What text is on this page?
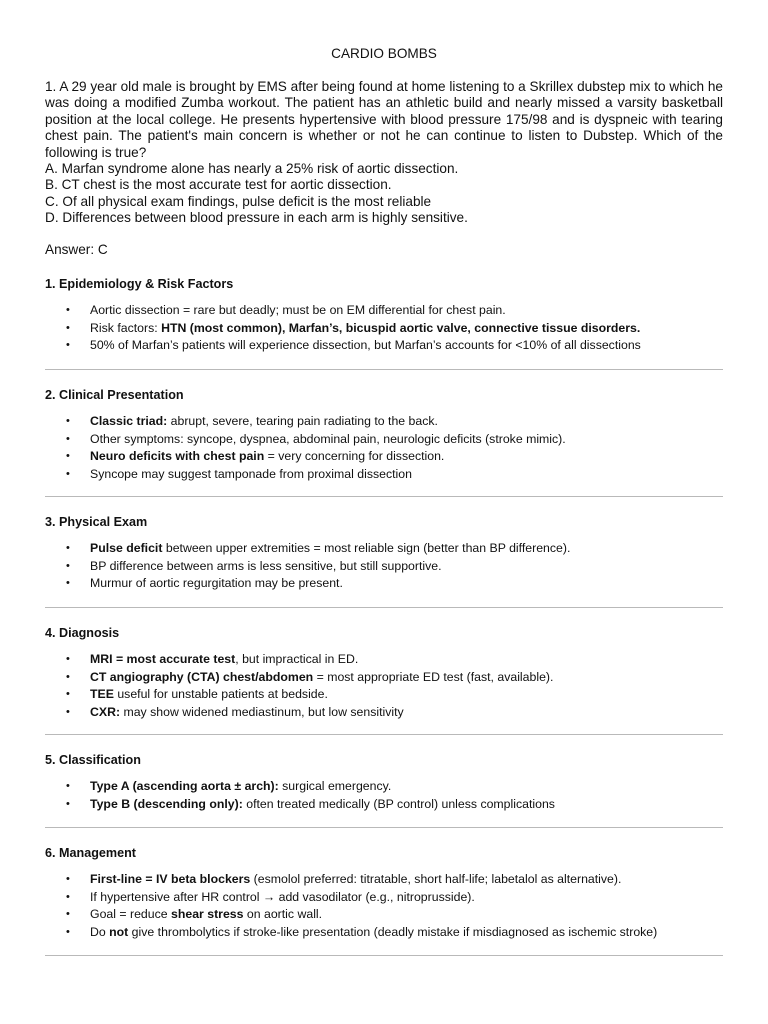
CARDIO BOMBS

1. A 29 year old male is brought by EMS after being found at home listening to a Skrillex dubstep mix to which he was doing a modified Zumba workout. The patient has an athletic build and nearly missed a varsity basketball position at the local college. He presents hypertensive with blood pressure 175/98 and is dyspneic with tearing chest pain. The patient's main concern is whether or not he can continue to listen to Dubstep. Which of the following is true?

A. Marfan syndrome alone has nearly a 25% risk of aortic dissection.
B. CT chest is the most accurate test for aortic dissection.
C. Of all physical exam findings, pulse deficit is the most reliable
D. Differences between blood pressure in each arm is highly sensitive.
Answer: C
1. Epidemiology & Risk Factors
• Aortic dissection = rare but deadly; must be on EM differential for chest pain.
• Risk factors: HTN (most common), Marfan’s, bicuspid aortic valve, connective tissue disorders.
• 50% of Marfan’s patients will experience dissection, but Marfan’s accounts for <10% of all dissections
2. Clinical Presentation
• Classic triad: abrupt, severe, tearing pain radiating to the back.
• Other symptoms: syncope, dyspnea, abdominal pain, neurologic deficits (stroke mimic).
• Neuro deficits with chest pain = very concerning for dissection.
• Syncope may suggest tamponade from proximal dissection
3. Physical Exam
• Pulse deficit between upper extremities = most reliable sign (better than BP difference).
• BP difference between arms is less sensitive, but still supportive.
• Murmur of aortic regurgitation may be present.
4. Diagnosis
• MRI = most accurate test, but impractical in ED.
• CT angiography (CTA) chest/abdomen = most appropriate ED test (fast, available).
• TEE useful for unstable patients at bedside.
• CXR: may show widened mediastinum, but low sensitivity
5. Classification
• Type A (ascending aorta ± arch): surgical emergency.
• Type B (descending only): often treated medically (BP control) unless complications
6. Management
• First-line = IV beta blockers (esmolol preferred: titratable, short half-life; labetalol as alternative).
• If hypertensive after HR control → add vasodilator (e.g., nitroprusside).
• Goal = reduce shear stress on aortic wall.
• Do not give thrombolytics if stroke-like presentation (deadly mistake if misdiagnosed as ischemic stroke)
